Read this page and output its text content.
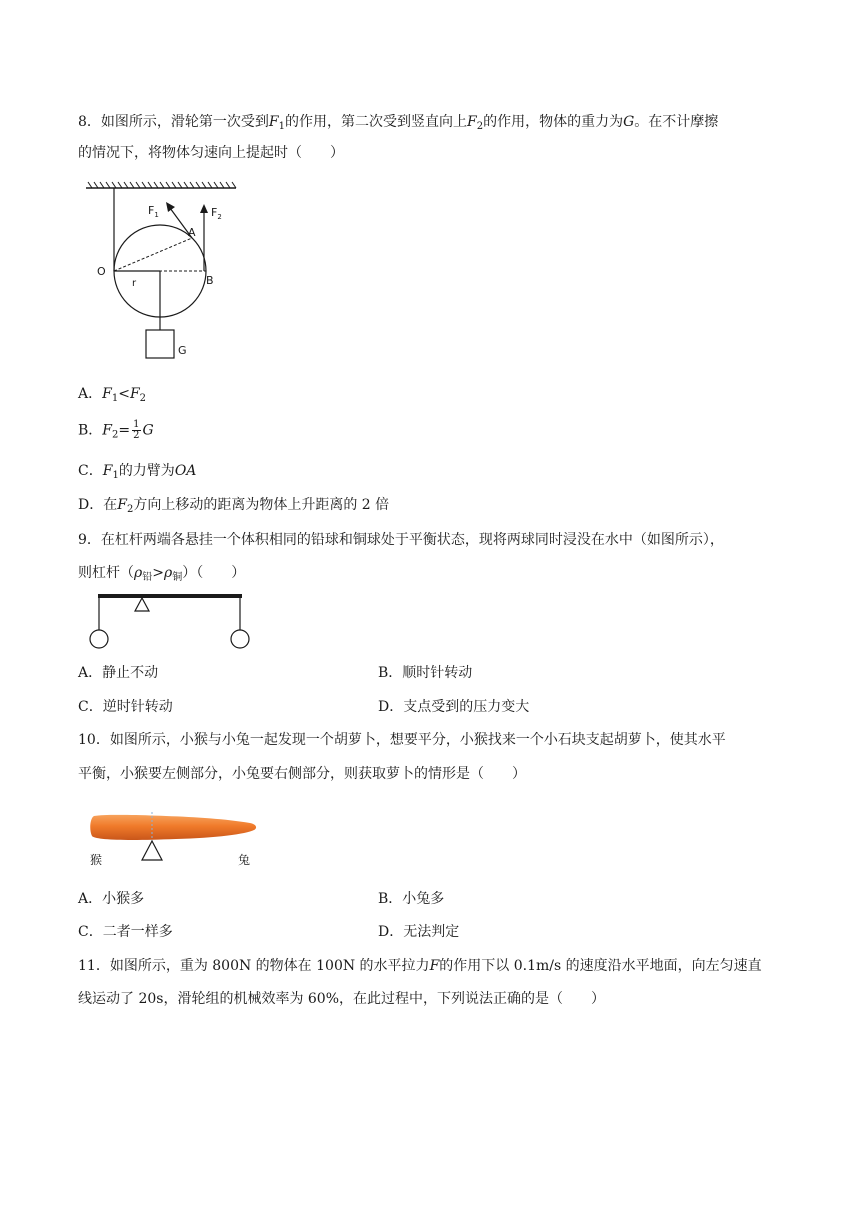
8．如图所示，滑轮第一次受到$F_1$的作用，第二次受到竖直向上$F_2$的作用，物体的重力为G。在不计摩擦
的情况下，将物体匀速向上提起时（　　）
$F_1$	$F_2$
A
O
B
r
G
A．$F_1<F_2$
B．$F_2= \frac{1}{2}$ G
C．$F_1$的力臂为OA
D．在$F_2$方向上移动的距离为物体上升距离的 2 倍
9．在杠杆两端各悬挂一个体积相同的铅球和铜球处于平衡状态，现将两球同时浸没在水中（如图所示），
则杠杆$(\rho_铅>\rho_铜)$（　　）
A．静止不动	B．顺时针转动
C．逆时针转动	D．支点受到的压力变大
10．如图所示，小猴与小兔一起发现一个胡萝卜，想要平分，小猴找来一个小石块支起胡萝卜，使其水平
平衡，小猴要左侧部分，小兔要右侧部分，则获取萝卜的情形是（　　）
猴	兔
A．小猴多	B．小兔多
C．二者一样多	D．无法判定
11．如图所示，重为 800N 的物体在 100N 的水平拉力F的作用下以 0.1m/s 的速度沿水平地面，向左匀速直
线运动了 20s，滑轮组的机械效率为 60%，在此过程中，下列说法正确的是（　　）
